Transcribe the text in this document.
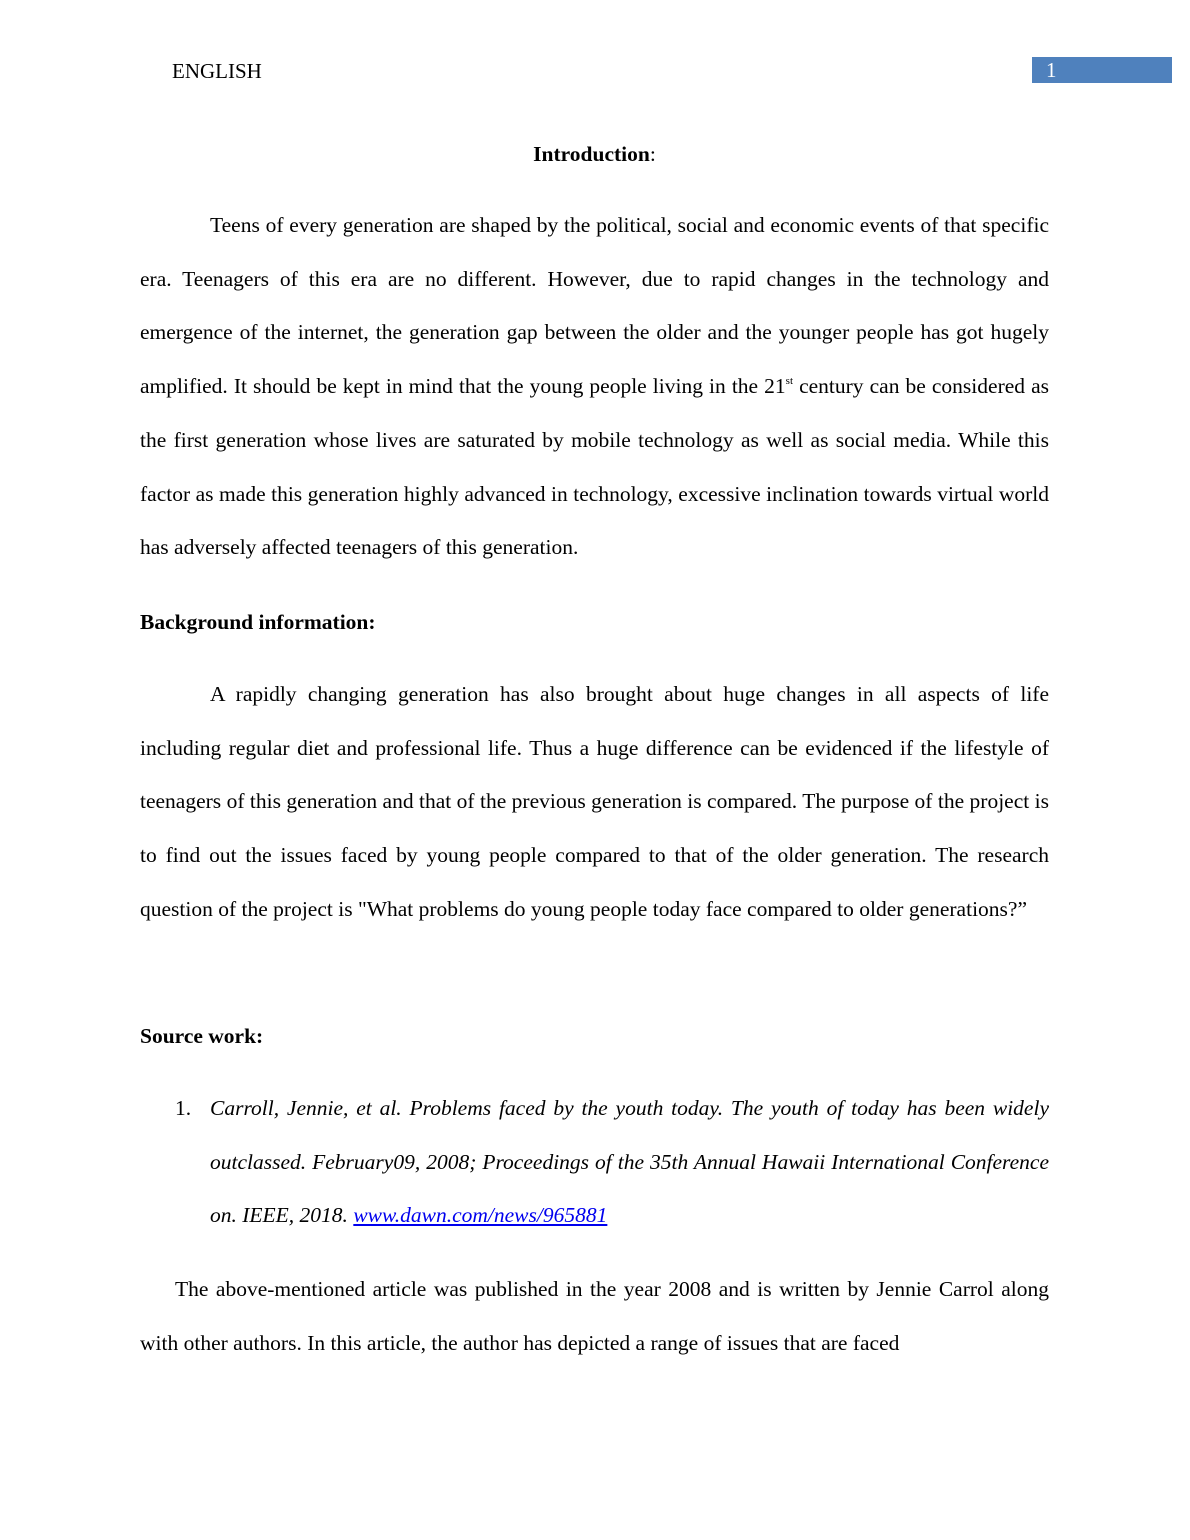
ENGLISH	1
Introduction:

Teens of every generation are shaped by the political, social and economic events of that specific era. Teenagers of this era are no different. However, due to rapid changes in the technology and emergence of the internet, the generation gap between the older and the younger people has got hugely amplified. It should be kept in mind that the young people living in the 21st century can be considered as the first generation whose lives are saturated by mobile technology as well as social media. While this factor as made this generation highly advanced in technology, excessive inclination towards virtual world has adversely affected teenagers of this generation.

Background information:

A rapidly changing generation has also brought about huge changes in all aspects of life including regular diet and professional life. Thus a huge difference can be evidenced if the lifestyle of teenagers of this generation and that of the previous generation is compared. The purpose of the project is to find out the issues faced by young people compared to that of the older generation. The research question of the project is "What problems do young people today face compared to older generations?”

Source work:
1. Carroll, Jennie, et al. Problems faced by the youth today. The youth of today has been widely outclassed. February09, 2008; Proceedings of the 35th Annual Hawaii International Conference on. IEEE, 2018. www.dawn.com/news/965881

The above-mentioned article was published in the year 2008 and is written by Jennie Carrol along with other authors. In this article, the author has depicted a range of issues that are faced
